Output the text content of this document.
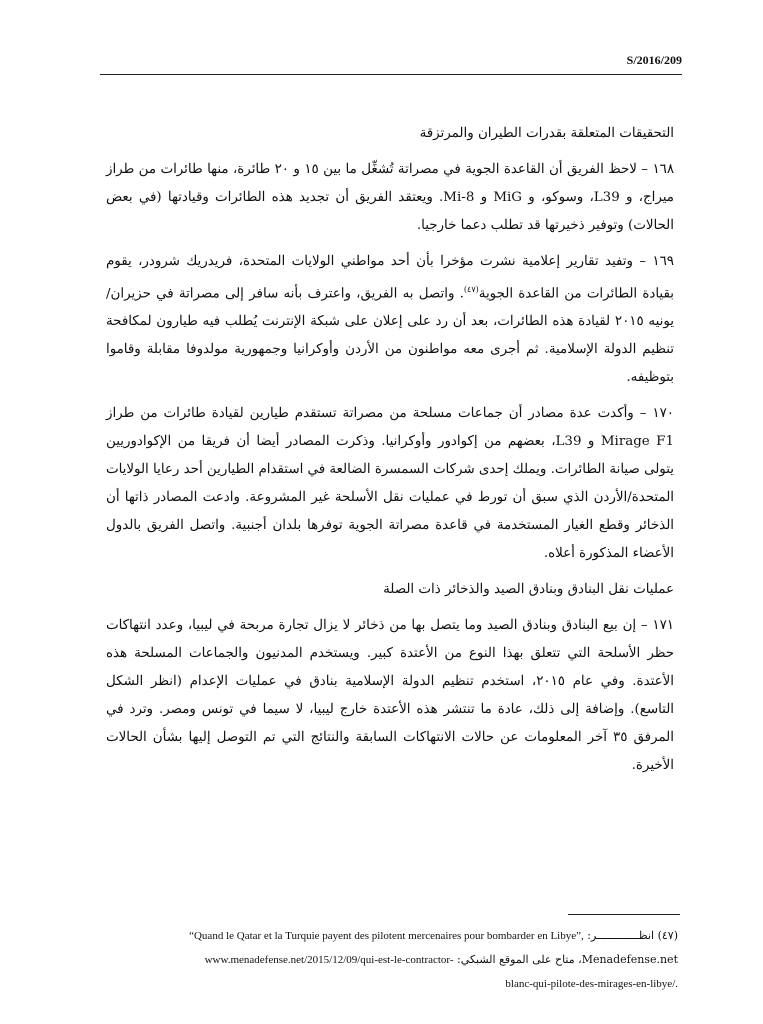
S/2016/209

التحقيقات المتعلقة بقدرات الطيران والمرتزقة

١٦٨ – لاحظ الفريق أن القاعدة الجوية في مصراتة تُشغِّل ما بين ١٥ و ٢٠ طائرة، منها طائرات من طراز ميراج، و L39، وسوكو، و MiG و Mi-8. ويعتقد الفريق أن تجديد هذه الطائرات وقيادتها (في بعض الحالات) وتوفير ذخيرتها قد تطلب دعما خارجيا.

١٦٩ – وتفيد تقارير إعلامية نشرت مؤخرا بأن أحد مواطني الولايات المتحدة، فريدريك شرودر، يقوم بقيادة الطائرات من القاعدة الجوية$^{(٤٧)}$. واتصل به الفريق، واعترف بأنه سافر إلى مصراتة في حزيران/يونيه ٢٠١٥ لقيادة هذه الطائرات، بعد أن رد على إعلان على شبكة الإنترنت يُطلب فيه طيارون لمكافحة تنظيم الدولة الإسلامية. ثم أجرى معه مواطنون من الأردن وأوكرانيا وجمهورية مولدوفا مقابلة وقاموا بتوظيفه.

١٧٠ – وأكدت عدة مصادر أن جماعات مسلحة من مصراتة تستقدم طيارين لقيادة طائرات من طراز Mirage F1 و L39، بعضهم من إكوادور وأوكرانيا. وذكرت المصادر أيضا أن فريقا من الإكوادوريين يتولى صيانة الطائرات. ويملك إحدى شركات السمسرة الضالعة في استقدام الطيارين أحد رعايا الولايات المتحدة/الأردن الذي سبق أن تورط في عمليات نقل الأسلحة غير المشروعة. وادعت المصادر ذاتها أن الذخائر وقطع الغيار المستخدمة في قاعدة مصراتة الجوية توفرها بلدان أجنبية. واتصل الفريق بالدول الأعضاء المذكورة أعلاه.

عمليات نقل البنادق وبنادق الصيد والذخائر ذات الصلة

١٧١ – إن بيع البنادق وبنادق الصيد وما يتصل بها من ذخائر لا يزال تجارة مربحة في ليبيا، وعدد انتهاكات حظر الأسلحة التي تتعلق بهذا النوع من الأعتدة كبير. ويستخدم المدنيون والجماعات المسلحة هذه الأعتدة. وفي عام ٢٠١٥، استخدم تنظيم الدولة الإسلامية بنادق في عمليات الإعدام (انظر الشكل التاسع). وإضافة إلى ذلك، عادة ما تنتشر هذه الأعتدة خارج ليبيا، لا سيما في تونس ومصر. وترد في المرفق ٣٥ آخر المعلومات عن حالات الانتهاكات السابقة والنتائج التي تم التوصل إليها بشأن الحالات الأخيرة.

(٤٧) انظـــــــــــــر: “Quand le Qatar et la Turquie payent des pilotent mercenaires pour bombarder en Libye”,
Menadefense.net، متاح على الموقع الشبكي: www.menadefense.net/2015/12/09/qui-est-le-contractor-
blanc-qui-pilote-des-mirages-en-libye/.
